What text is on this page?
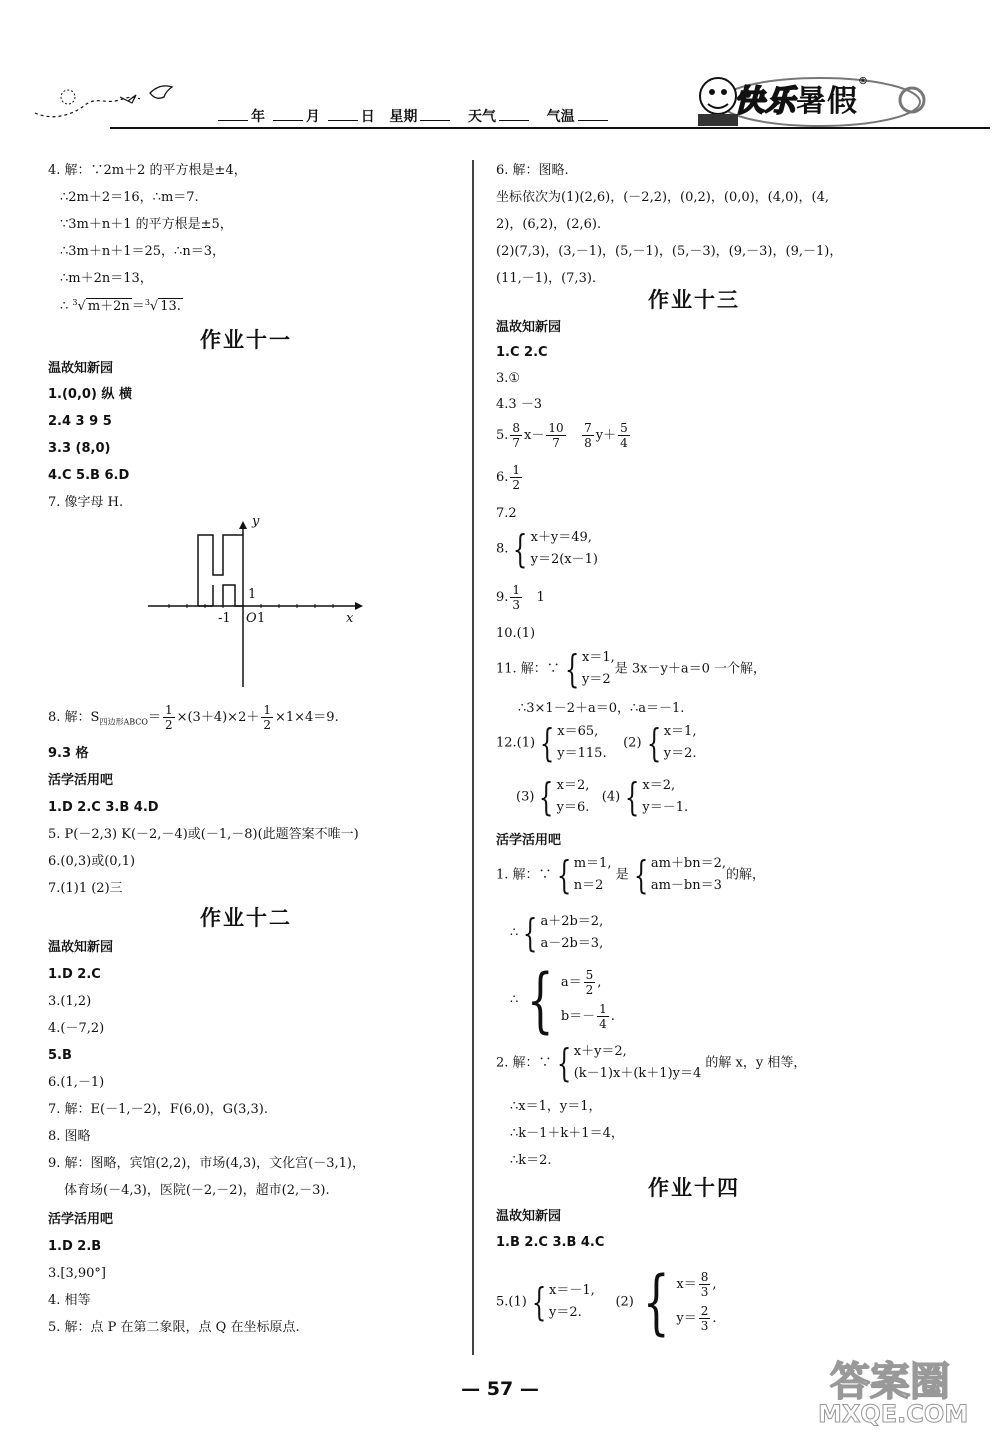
年	月	日 星期	天气	气温	快乐暑假®
4. 解：∵2m＋2 的平方根是±4，
∴2m＋2＝16，∴m＝7.
∵3m＋n＋1 的平方根是±5，
∴3m＋n＋1＝25，∴n＝3，
∴m＋2n＝13，
∴ $^3$√ m＋2n ＝$^3$√ 13.
作业十一
温故知新园
1.(0,0) 纵 横
2.4 3 9 5
3.3 (8,0)
4.C 5.B 6.D
7. 像字母 H.
y
x
O 1
-1
1
8. 解：$S_{四边形ABCO}= \frac{1}{2} \times(3+4)\times 2+ \frac{1}{2} \times 1\times 4=9$.
9.3 格
活学活用吧
1.D 2.C 3.B 4.D
5. P(－2,3) K(－2,－4)或(－1,－8)(此题答案不唯一)
6.(0,3)或(0,1)
7.(1)1 (2)三
作业十二
温故知新园
1.D 2.C
3.(1,2)
4.(－7,2)
5.B
6.(1,－1)
7. 解：E(－1,－2)，F(6,0)，G(3,3).
8. 图略
9. 解：图略，宾馆(2,2)，市场(4,3)，文化宫(－3,1)，
体育场(－4,3)，医院(－2,－2)，超市(2,－3).
活学活用吧
1.D 2.B
3.[3,90°]
4. 相等
5. 解：点 P 在第二象限，点 Q 在坐标原点.
6. 解：图略.
坐标依次为(1)(2,6)，(－2,2)，(0,2)，(0,0)，(4,0)，(4,
2)，(6,2)，(2,6).
(2)(7,3)，(3,－1)，(5,－1)，(5,－3)，(9,－3)，(9,－1)，
(11,－1)，(7,3).
作业十三
温故知新园
1.C 2.C
3.①
4.3 －3
5. $\frac{8}{7} x- \frac{10}{7}$
$\frac{7}{8} y+ \frac{5}{4}$
6. $\frac{1}{2}$
7.2
8. { x＋y＝49,
y＝2(x－1)
9. $\frac{1}{3} 1$
10.(1)
11. 解：∵ { x＝1,
y＝2
是 3x－y＋a＝0 一个解，
∴3×1－2＋a＝0，∴a＝－1.
12.(1) { x＝65,
y＝115.
(2) { x＝1,
y＝2.
(3) { x＝2,
y＝6.
(4) { x＝2,
y＝－1.
活学活用吧
1. 解：∵ { m＝1,
n＝2
是 { am＋bn＝2,
am－bn＝3
的解，
∴ { a＋2b＝2,
a－2b＝3,
∴ { $a= \frac{5}{2}$ ,
$b=- \frac{1}{4}$ .
2. 解：∵ { x＋y＝2,
(k－1)x＋(k＋1)y＝4
的解 x，y 相等，
∴x＝1，y＝1，
∴k－1＋k＋1＝4，
∴k＝2.
作业十四
温故知新园
1.B 2.C 3.B 4.C
5.(1) { x＝－1,
y＝2.
(2) { $x= \frac{8}{3}$ ,
$y= \frac{2}{3}$ .
— 57 —	答案圈
MXQE.COM
